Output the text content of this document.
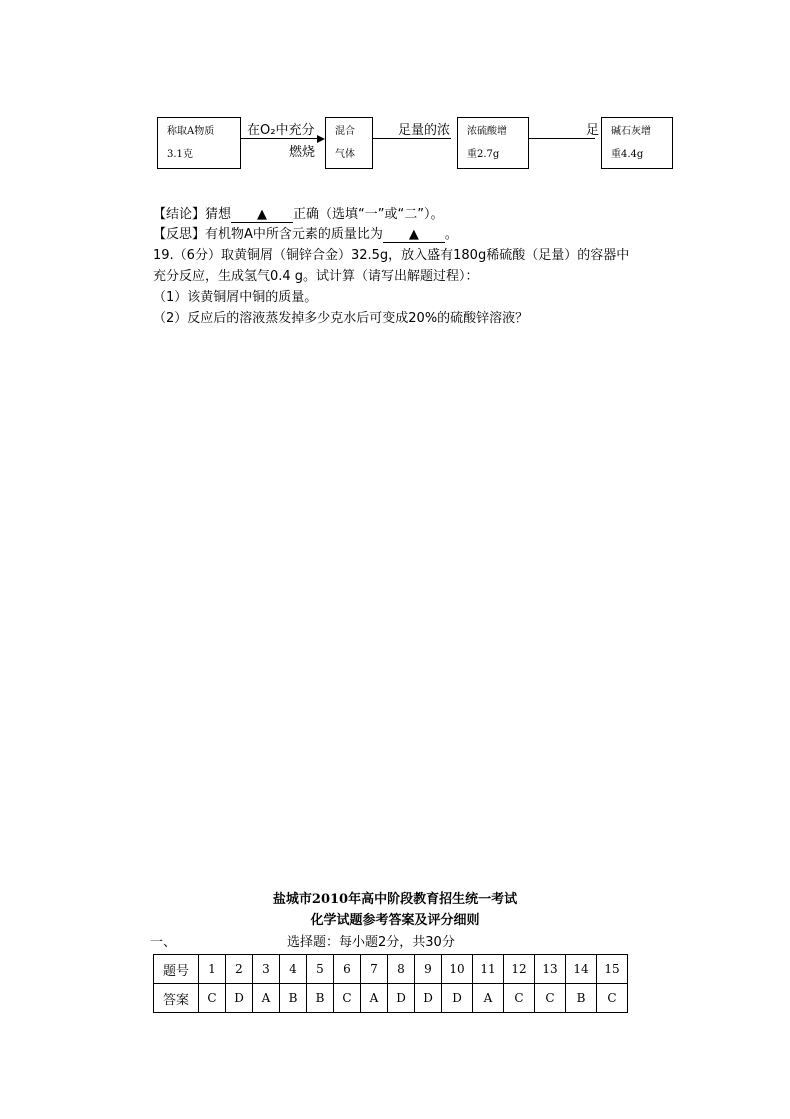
称取A物质
3.1克
在O₂中充分
燃烧
混合
气体
足量的浓 浓硫酸增
重2.7g
足 碱石灰增
重4.4g
【结论】猜想 ▲ 正确（选填“一”或“二”）。
【反思】有机物A中所含元素的质量比为 ▲ 。
19.（6分）取黄铜屑（铜锌合金）32.5g，放入盛有180g稀硫酸（足量）的容器中
充分反应，生成氢气0.4 g。试计算（请写出解题过程）：
（1）该黄铜屑中铜的质量。
（2）反应后的溶液蒸发掉多少克水后可变成20%的硫酸锌溶液？
盐城市2010年高中阶段教育招生统一考试
化学试题参考答案及评分细则
一、	选择题：每小题2分，共30分
题号	1	2	3	4	5	6	7	8	9	10	11	12	13	14	15
答案	C	D	A	B	B	C	A	D	D	D	A	C	C	B	C
